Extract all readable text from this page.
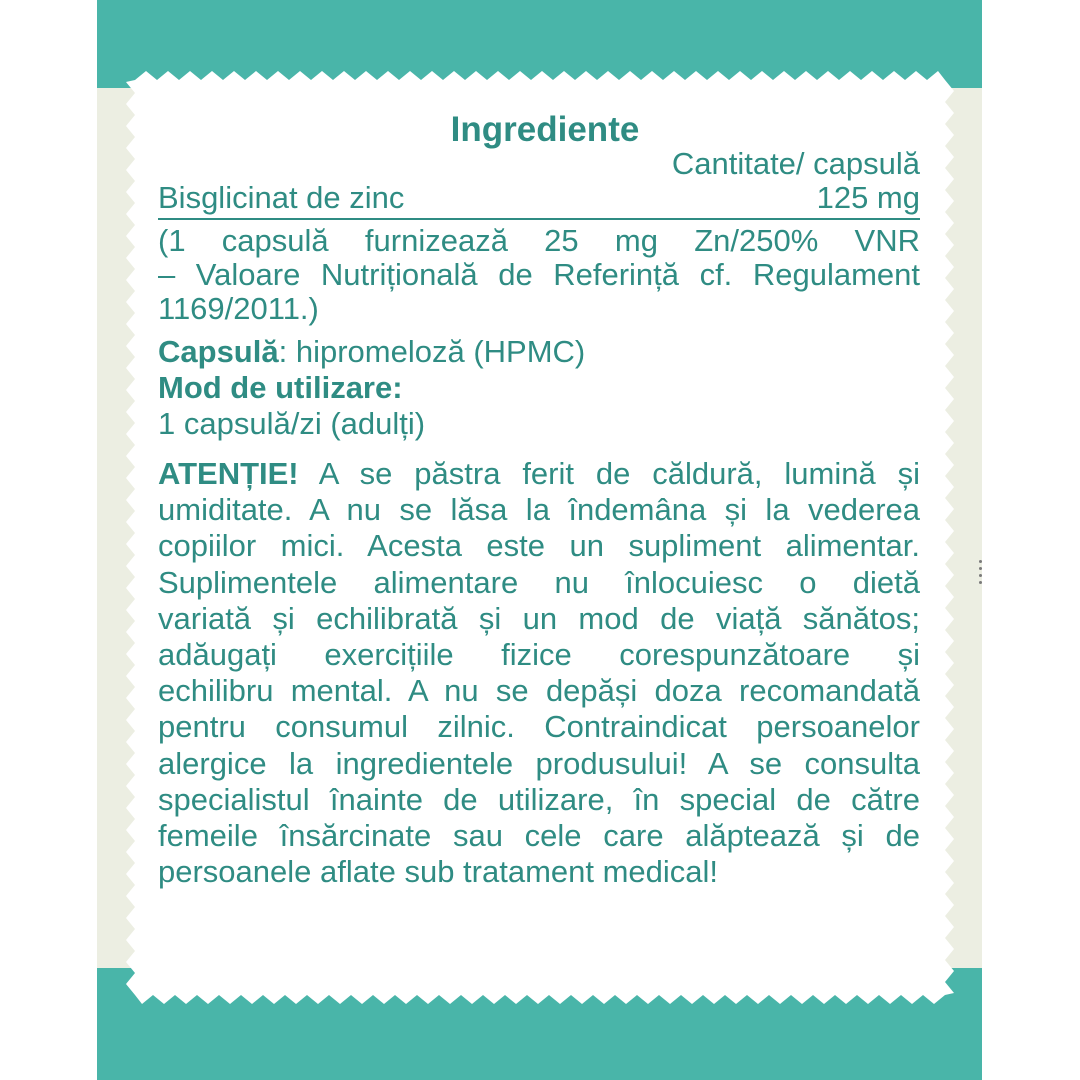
Ingrediente
Cantitate/ capsulă
Bisglicinat de zinc	125 mg
(1 capsulă furnizează 25 mg Zn/250% VNR
– Valoare Nutrițională de Referință cf. Regulament
1169/2011.)
Capsulă: hipromeloză (HPMC)
Mod de utilizare:
1 capsulă/zi (adulți)
ATENȚIE! A se păstra ferit de căldură, lumină și
umiditate. A nu se lăsa la îndemâna și la vederea
copiilor mici. Acesta este un supliment alimentar.
Suplimentele alimentare nu înlocuiesc o dietă
variată și echilibrată și un mod de viață sănătos;
adăugați exercițiile fizice corespunzătoare și
echilibru mental. A nu se depăși doza recomandată
pentru consumul zilnic. Contraindicat persoanelor
alergice la ingredientele produsului! A se consulta
specialistul înainte de utilizare, în special de către
femeile însărcinate sau cele care alăptează și de
persoanele aflate sub tratament medical!
